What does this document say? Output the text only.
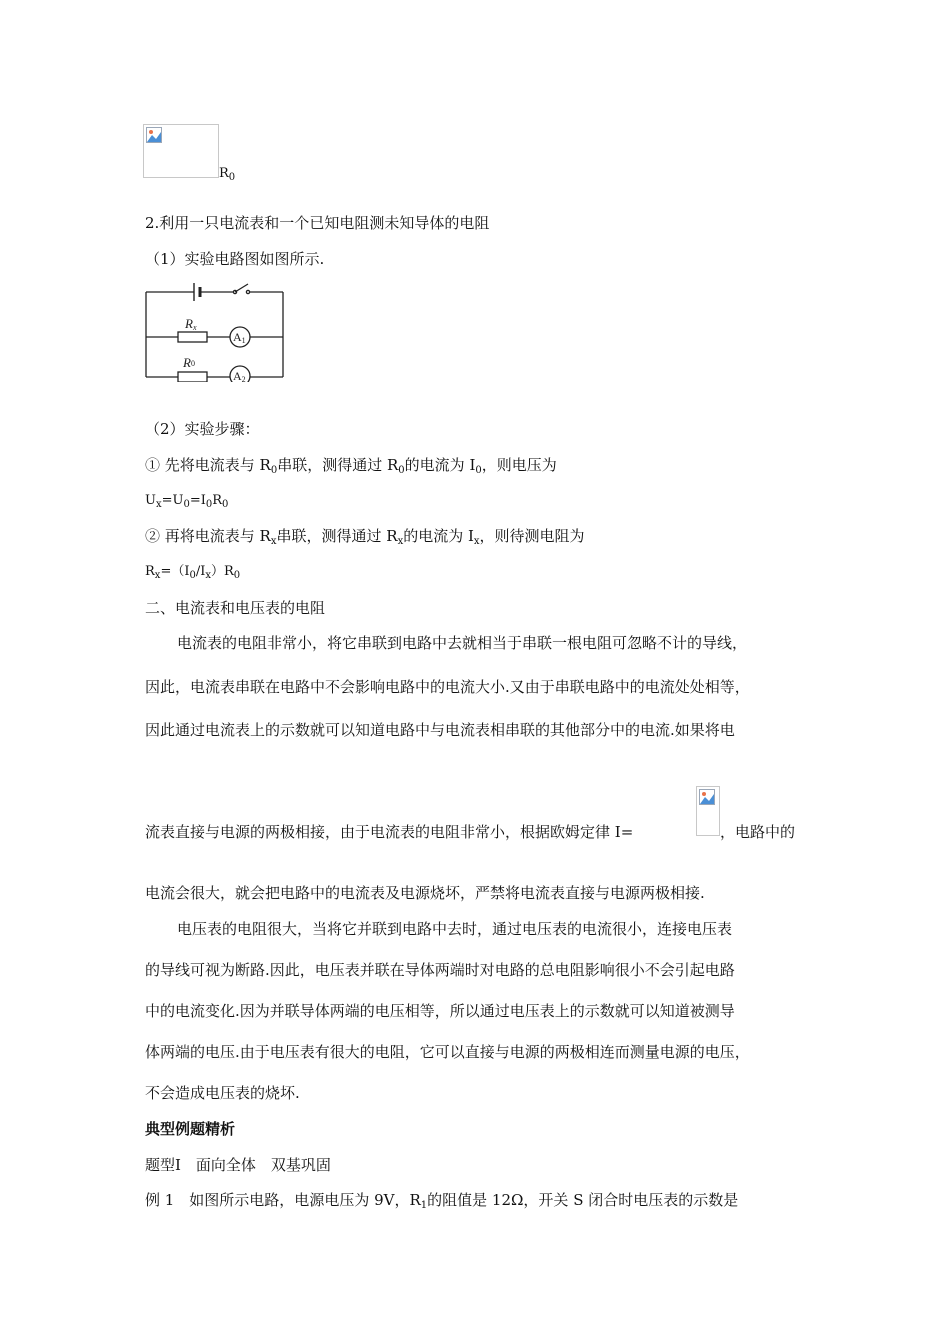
$R_0$
2.利用一只电流表和一个已知电阻测未知导体的电阻
（1）实验电路图如图所示.
Rx
A1
R0
A2
（2）实验步骤：
① 先将电流表与 $R_0$串联，测得通过 $R_0$的电流为 $I_0$，则电压为
$U_x=U_0=I_0R_0$
② 再将电流表与 $R_x$串联，测得通过 $R_x$的电流为 $I_x$，则待测电阻为
$R_x=(I_0/I_x)R_0$
二、电流表和电压表的电阻
电流表的电阻非常小，将它串联到电路中去就相当于串联一根电阻可忽略不计的导线，
因此，电流表串联在电路中不会影响电路中的电流大小.又由于串联电路中的电流处处相等，
因此通过电流表上的示数就可以知道电路中与电流表相串联的其他部分中的电流.如果将电
流表直接与电源的两极相接，由于电流表的电阻非常小，根据欧姆定律 I=	，电路中的
电流会很大，就会把电路中的电流表及电源烧坏，严禁将电流表直接与电源两极相接.
电压表的电阻很大，当将它并联到电路中去时，通过电压表的电流很小，连接电压表
的导线可视为断路.因此，电压表并联在导体两端时对电路的总电阻影响很小不会引起电路
中的电流变化.因为并联导体两端的电压相等，所以通过电压表上的示数就可以知道被测导
体两端的电压.由于电压表有很大的电阻，它可以直接与电源的两极相连而测量电源的电压，
不会造成电压表的烧坏.
典型例题精析
题型Ⅰ　面向全体　双基巩固
例 1　如图所示电路，电源电压为 9V，$R_1$的阻值是 12Ω，开关 S 闭合时电压表的示数是
